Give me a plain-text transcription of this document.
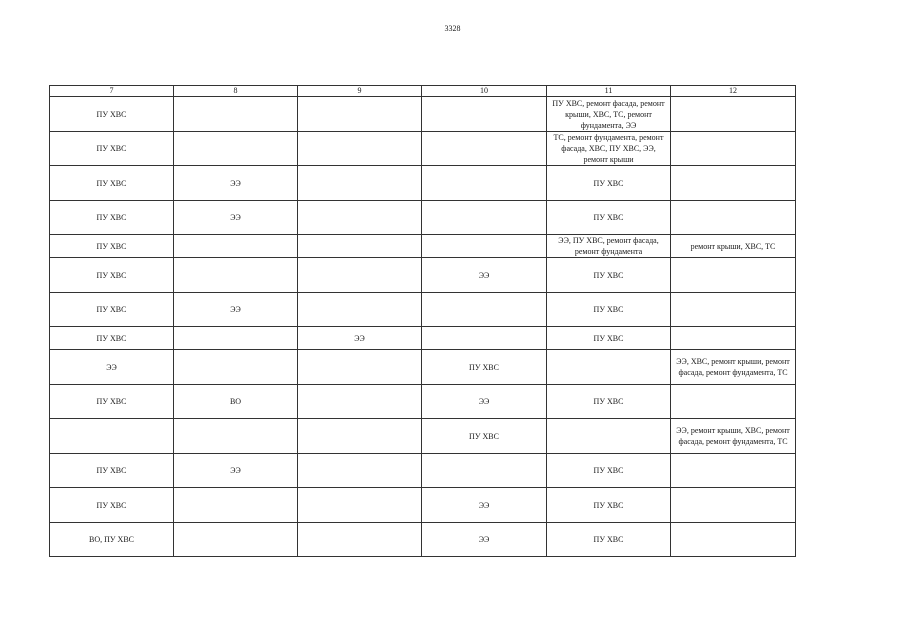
3328
7	8	9	10	11	12
ПУ ХВС				ПУ ХВС, ремонт фасада, ремонт крыши, ХВС, ТС, ремонт фундамента, ЭЭ	
ПУ ХВС				ТС, ремонт фундамента, ремонт фасада, ХВС, ПУ ХВС, ЭЭ, ремонт крыши	
ПУ ХВС	ЭЭ			ПУ ХВС	
ПУ ХВС	ЭЭ			ПУ ХВС	
ПУ ХВС				ЭЭ, ПУ ХВС, ремонт фасада, ремонт фундамента	ремонт крыши, ХВС, ТС
ПУ ХВС			ЭЭ	ПУ ХВС	
ПУ ХВС	ЭЭ			ПУ ХВС	
ПУ ХВС		ЭЭ		ПУ ХВС	
ЭЭ			ПУ ХВС		ЭЭ, ХВС, ремонт крыши, ремонт фасада, ремонт фундамента, ТС
ПУ ХВС	ВО		ЭЭ	ПУ ХВС	
			ПУ ХВС		ЭЭ, ремонт крыши, ХВС, ремонт фасада, ремонт фундамента, ТС
ПУ ХВС	ЭЭ			ПУ ХВС	
ПУ ХВС			ЭЭ	ПУ ХВС	
ВО, ПУ ХВС			ЭЭ	ПУ ХВС	
